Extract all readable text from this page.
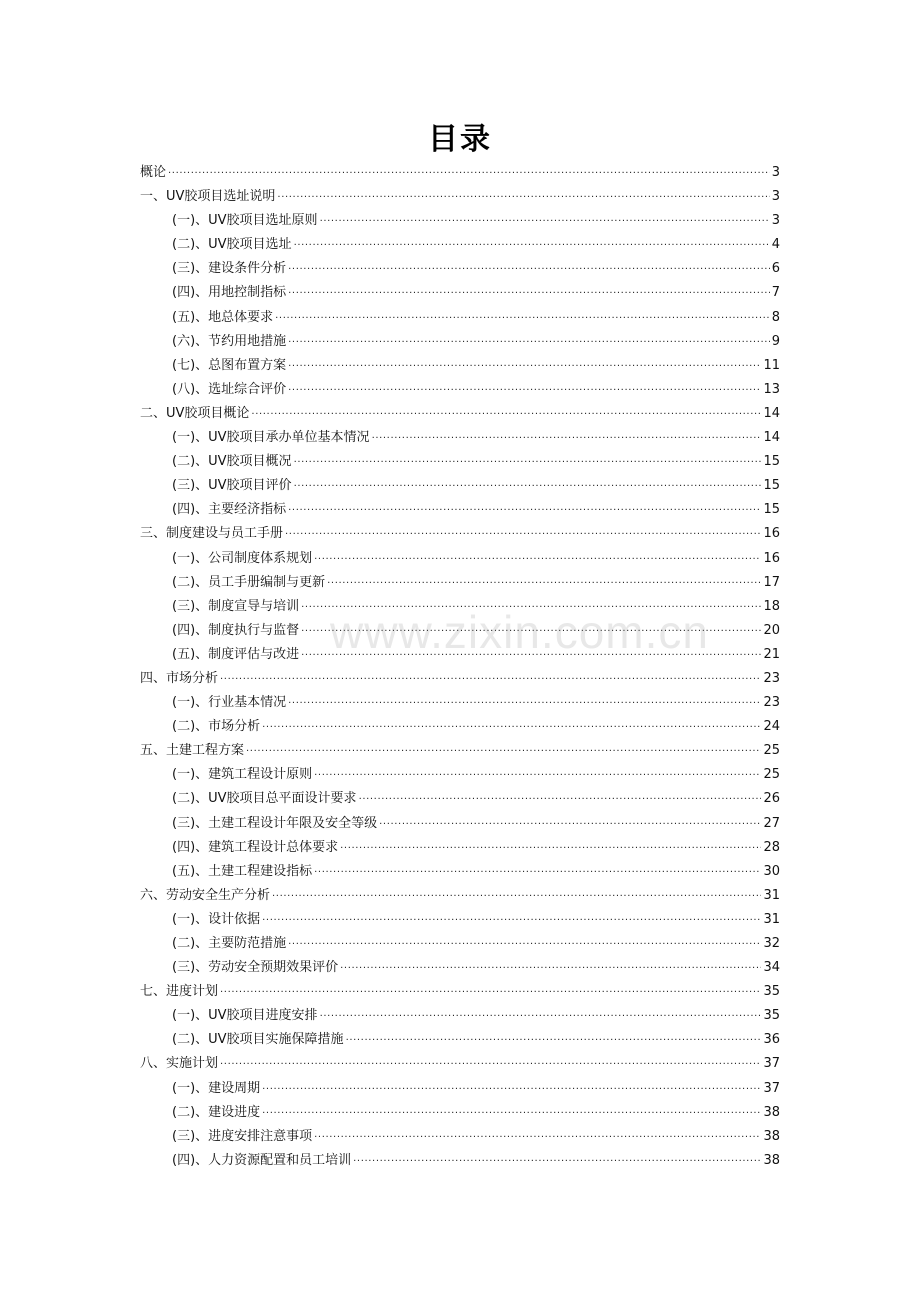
目录
概论 .....	3
一、UV胶项目选址说明 .....	3
(一)、UV胶项目选址原则 .....	3
(二)、UV胶项目选址 .....	4
(三)、建设条件分析 .....	6
(四)、用地控制指标 .....	7
(五)、地总体要求 .....	8
(六)、节约用地措施 .....	9
(七)、总图布置方案 .....	11
(八)、选址综合评价 .....	13
二、UV胶项目概论 .....	14
(一)、UV胶项目承办单位基本情况 .....	14
(二)、UV胶项目概况 .....	15
(三)、UV胶项目评价 .....	15
(四)、主要经济指标 .....	15
三、制度建设与员工手册 .....	16
(一)、公司制度体系规划 .....	16
(二)、员工手册编制与更新 .....	17
(三)、制度宣导与培训 .....	18
(四)、制度执行与监督 .....	20
(五)、制度评估与改进 .....	21
四、市场分析 .....	23
(一)、行业基本情况 .....	23
(二)、市场分析 .....	24
五、土建工程方案 .....	25
(一)、建筑工程设计原则 .....	25
(二)、UV胶项目总平面设计要求 .....	26
(三)、土建工程设计年限及安全等级 .....	27
(四)、建筑工程设计总体要求 .....	28
(五)、土建工程建设指标 .....	30
六、劳动安全生产分析 .....	31
(一)、设计依据 .....	31
(二)、主要防范措施 .....	32
(三)、劳动安全预期效果评价 .....	34
七、进度计划 .....	35
(一)、UV胶项目进度安排 .....	35
(二)、UV胶项目实施保障措施 .....	36
八、实施计划 .....	37
(一)、建设周期 .....	37
(二)、建设进度 .....	38
(三)、进度安排注意事项 .....	38
(四)、人力资源配置和员工培训 .....	38
www.zixin.com.cn
